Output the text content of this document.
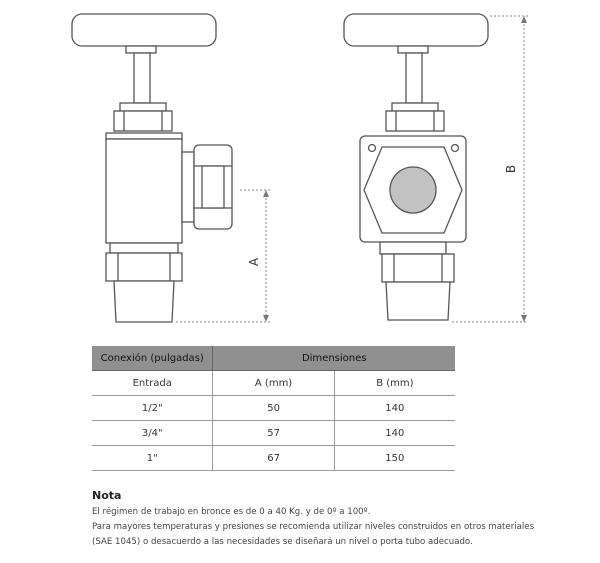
A
B
Conexión (pulgadas)	Dimensiones	
Entrada	A (mm)	B (mm)
1/2"	50	140
3/4"	57	140
1"	67	150
Nota
El régimen de trabajo en bronce es de 0 a 40 Kg. y de 0º a 100º.
Para mayores temperaturas y presiones se recomienda utilizar niveles construidos en otros materiales
(SAE 1045) o desacuerdo a las necesidades se diseñará un nivel o porta tubo adecuado.
